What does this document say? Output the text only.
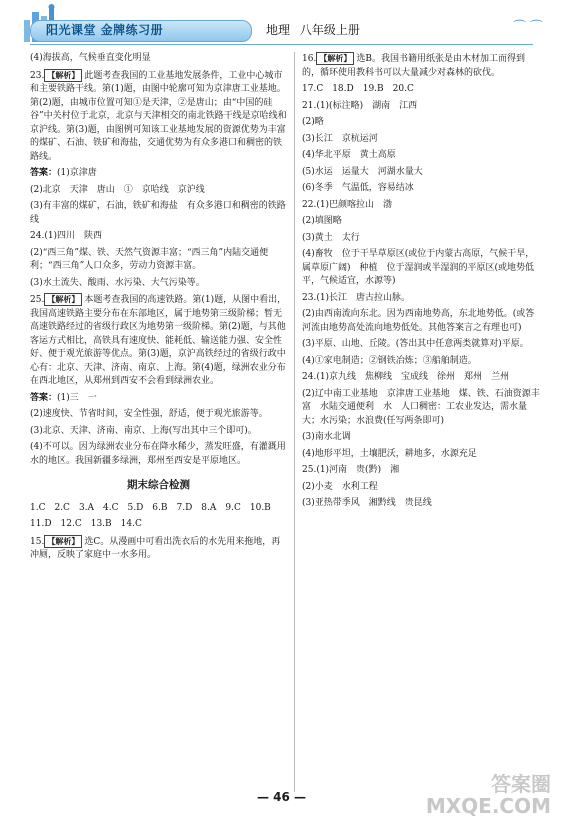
阳光课堂 金牌练习册	地理 八年级上册	⌒ ⌒

(4)海拔高，气候垂直变化明显

23. 【解析】 此题考查我国的工业基地发展条件，工业中心城市和主要铁路干线。第(1)题，由图中轮廓可知为京津唐工业基地。第(2)题，由城市位置可知①是天津，②是唐山；由“中国的硅谷”中关村位于北京，北京与天津相交的南北铁路干线是京哈线和京沪线。第(3)题，由图例可知该工业基地发展的资源优势为丰富的煤矿、石油、铁矿和海盐，交通优势为有众多港口和稠密的铁路线。

答案：(1)京津唐

(2)北京　天津　唐山　①　京哈线　京沪线

(3)有丰富的煤矿，石油，铁矿和海盐　有众多港口和稠密的铁路线

24.(1)四川　陕西

(2)“西三角”煤、铁、天然气资源丰富；“西三角”内陆交通便利；“西三角”人口众多，劳动力资源丰富。

(3)水土流失、酸雨、水污染、大气污染等。

25. 【解析】 本题考查我国的高速铁路。第(1)题，从图中看出，我国高速铁路主要分布在东部地区，属于地势第三级阶梯；暂无高速铁路经过的省级行政区为地势第一级阶梯。第(2)题，与其他客运方式相比，高铁具有速度快、能耗低、输送能力强、安全性好、便于观光旅游等优点。第(3)题，京沪高铁经过的省级行政中心有：北京、天津、济南、南京、上海。第(4)题，绿洲农业分布在西北地区，从郑州到西安不会看到绿洲农业。

答案：(1)三　一

(2)速度快、节省时间，安全性强，舒适，便于观光旅游等。

(3)北京、天津、济南、南京、上海(写出其中三个即可)。

(4)不可以。因为绿洲农业分布在降水稀少，蒸发旺盛，有灌溉用水的地区。我国新疆多绿洲，郑州至西安是平原地区。

期末综合检测

1.C　2.C　3.A　4.C　5.D　6.B　7.D　8.A　9.C　10.B

11.D　12.C　13.B　14.C

15. 【解析】 选C。从漫画中可看出洗衣后的水先用来拖地，再冲厕，反映了家庭中一水多用。

16. 【解析】 选B。我国书籍用纸张是由木材加工而得到的，循环使用教科书可以大量减少对森林的砍伐。

17.C　18.D　19.B　20.C

21.(1)(标注略)　湖南　江西

(2)略

(3)长江　京杭运河

(4)华北平原　黄土高原

(5)水运　运量大　河湖水量大

(6)冬季　气温低，容易结冰

22.(1)巴颜喀拉山　渤

(2)填图略

(3)黄土　太行

(4)畜牧　位于干旱草原区(或位于内蒙古高原，气候干旱，属草原广阔)　种植　位于湿润或半湿润的平原区(或地势低平，气候适宜，水源等)

23.(1)长江　唐古拉山脉。

(2)由西南流向东北。因为西南地势高，东北地势低。(或答河流由地势高处流向地势低处。其他答案言之有理也可)

(3)平原、山地、丘陵。(答出其中任意两类就算对)平原。

(4)①家电制造；②钢铁冶炼；③船舶制造。

24.(1)京九线　焦柳线　宝成线　徐州　郑州　兰州

(2)辽中南工业基地　京津唐工业基地　煤、铁、石油资源丰富　水陆交通便利　水　人口稠密：工农业发达，需水量大；水污染；水浪费(任写两条即可)

(3)南水北调

(4)地形平坦，土壤肥沃，耕地多，水源充足

25.(1)河南　贵(黔)　湘

(2)小麦　水利工程

(3)亚热带季风　湘黔线　贵昆线

— 46 —
答案圈
MXQE.COM
